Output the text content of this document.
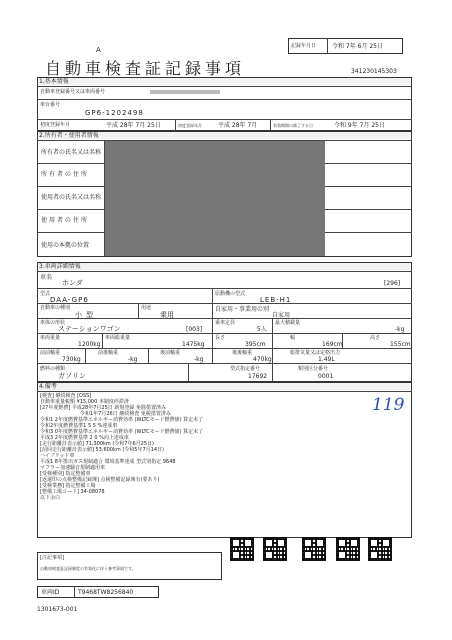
A
自動車検査証記録事項
記録年月日	令和 7年 6月 25日
341230145303
1.基本情報
自動車登録番号又は車両番号
車台番号
GP6-1202498
初度登録年月	平成 28年 7月 25日	初度登録年月	平成 28年 7月	有効期間の満了する日	令和 9年 7月 25日
2.所有者・使用者情報
所有者の氏名又は名称
所有者の住所
使用者の氏名又は名称
使用者の住所
使用の本拠の位置
3.車両詳細情報
車名
ホンダ	[296]
型式
DAA-GP6
原動機の型式
LEB-H1
自動車の種別
小型
用途
乗用
自家用・事業用の別
自家用
車体の形状
ステーションワゴン	[003]
乗車定員
5人
最大積載量
-kg
車両重量
1200kg
車両総重量
1475kg
長さ
395cm
幅
169cm
高さ
155cm
前前軸重
730kg
前後軸重
-kg
後前軸重
-kg
後後軸重
470kg
総排気量又は定格出力
1.49L
燃料の種類
ガソリン
型式指定番号
17692
類別区分番号
0001
4.備考
119
[検査] 継続検査 [OSS]
自動車重量税額 ¥15,000 本制度停滞済
[27年度燃費] 平成28年7月25日 新規登録 免除措置済み
令和1年7月26日 継続検査 免税措置済み
令和1 2年度燃費基準エネルギー消費効率 (WLTCモード燃費値) 算定未了
令和2年度燃費基準1 5 5 %達成車
令和3 0年度燃費基準エネルギー消費効率 (WLTCモード燃費値) 算定未了
平成3 2年度燃費基準 2 0 %向上達成車
[走行距離計表示値] 71,300km (令和7年6月25日)
[前回走行距離計表示値] 53,600km (令和5年7月14日)
ハイブリッド車
平成1 8年排出ガス規制適合 環境基準達成 型式別指定 9648
マフラー加速騒音規制適用車
[受検種別] 指定整備車
[返還印の点検整備記録簿] 点検整備記録簿有(要あり)
[受検業務] 指定整備工場
[整備工場コード] 34-08078
以下余白
[注記事項]
自動車検査証記録制度の有効化に伴う参考事項です。
車両ID	T9468TW8256840
1301673-001
